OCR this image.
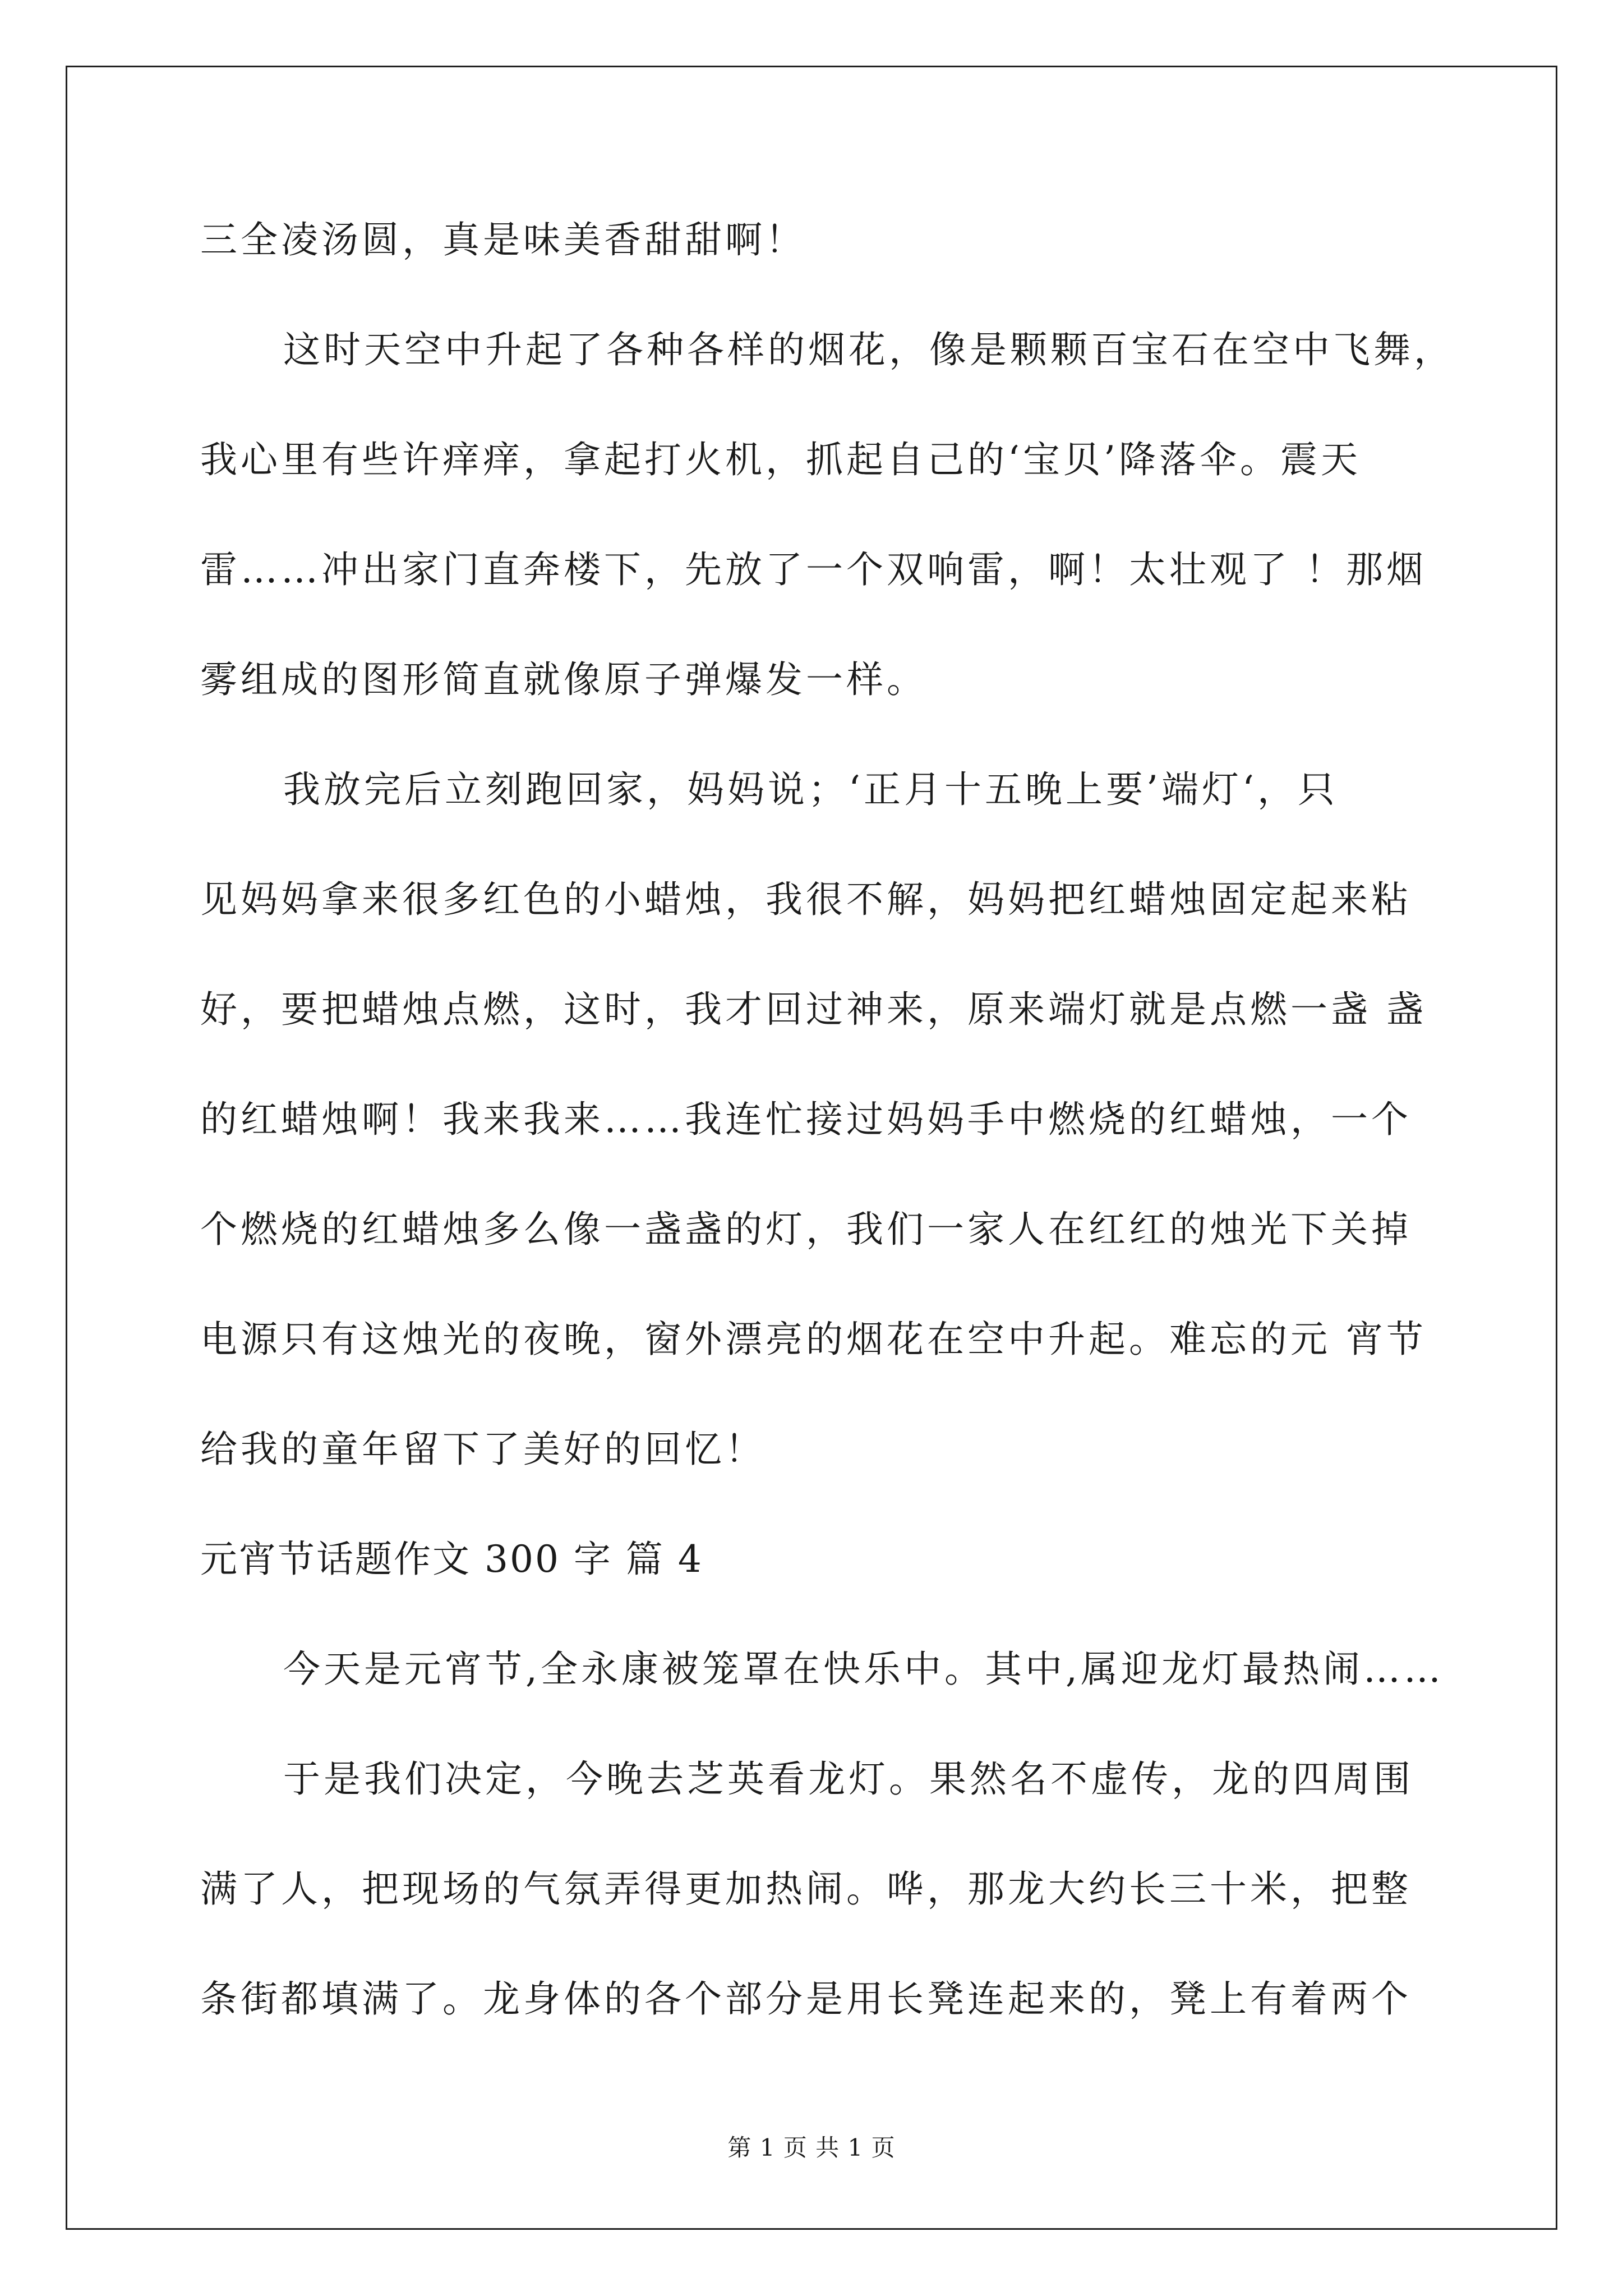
三全凌汤圆，真是味美香甜甜啊！
这时天空中升起了各种各样的烟花，像是颗颗百宝石在空中飞舞，
我心里有些许痒痒，拿起打火机，抓起自己的‘宝贝’降落伞。震天
雷……冲出家门直奔楼下，先放了一个双响雷，啊！太壮观了 ！那烟
雾组成的图形简直就像原子弹爆发一样。
我放完后立刻跑回家，妈妈说；‘正月十五晚上要’端灯‘，只
见妈妈拿来很多红色的小蜡烛，我很不解，妈妈把红蜡烛固定起来粘
好，要把蜡烛点燃，这时，我才回过神来，原来端灯就是点燃一盏 盏
的红蜡烛啊！我来我来……我连忙接过妈妈手中燃烧的红蜡烛，一个
个燃烧的红蜡烛多么像一盏盏的灯，我们一家人在红红的烛光下关掉
电源只有这烛光的夜晚，窗外漂亮的烟花在空中升起。难忘的元 宵节
给我的童年留下了美好的回忆！
元宵节话题作文 300 字 篇 4
今天是元宵节,全永康被笼罩在快乐中。其中,属迎龙灯最热闹……
于是我们决定，今晚去芝英看龙灯。果然名不虚传，龙的四周围
满了人，把现场的气氛弄得更加热闹。哗，那龙大约长三十米，把整
条街都填满了。龙身体的各个部分是用长凳连起来的，凳上有着两个
第 1 页 共 1 页
